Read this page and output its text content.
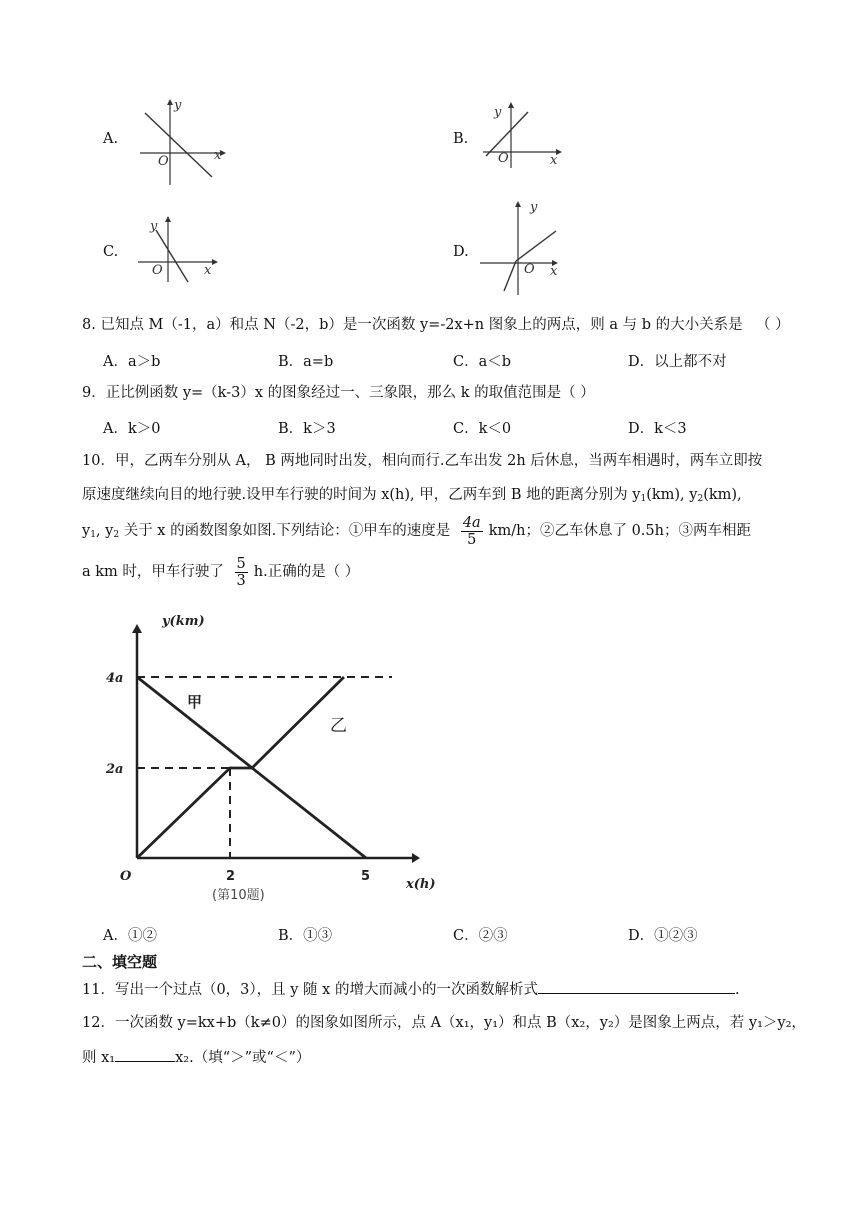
A.
y
x
O
B.
y
x
O
C.
y
x
O
D.
y
x
O
8. 已知点 M（-1，a）和点 N（-2，b）是一次函数 y=-2x+n 图象上的两点，则 a 与 b 的大小关系是 （ ）
A．a＞b	B．a=b	C．a＜b	D．以上都不对
9．正比例函数 y=（k-3）x 的图象经过一、三象限，那么 k 的取值范围是（ ）
A．k＞0	B．k＞3	C．k＜0	D．k＜3
10．甲，乙两车分别从 A， B 两地同时出发，相向而行.乙车出发 2h 后休息，当两车相遇时，两车立即按
原速度继续向目的地行驶.设甲车行驶的时间为 x(h), 甲，乙两车到 B 地的距离分别为 $y_1(km)$, $y_2(km)$,
$y_1$, $y_2$ 关于 x 的函数图象如图.下列结论：①甲车的速度是 $\frac{4a}{5} km/h$；②乙车休息了 0.5h；③两车相距
a km 时，甲车行驶了 $\frac{5}{3} h$.正确的是（ ）
y(km)
x(h)
O
4a
2a
2	5
甲
乙
(第10题)
A．①②	B．①③	C．②③	D．①②③
二、填空题
11．写出一个过点（0，3），且 y 随 x 的增大而减小的一次函数解析式	.
12．一次函数 y=kx+b（k≠0）的图象如图所示，点 A（x₁，y₁）和点 B（x₂，y₂）是图象上两点，若 y₁＞y₂，
则 x₁	x₂.（填“＞”或“＜”）
